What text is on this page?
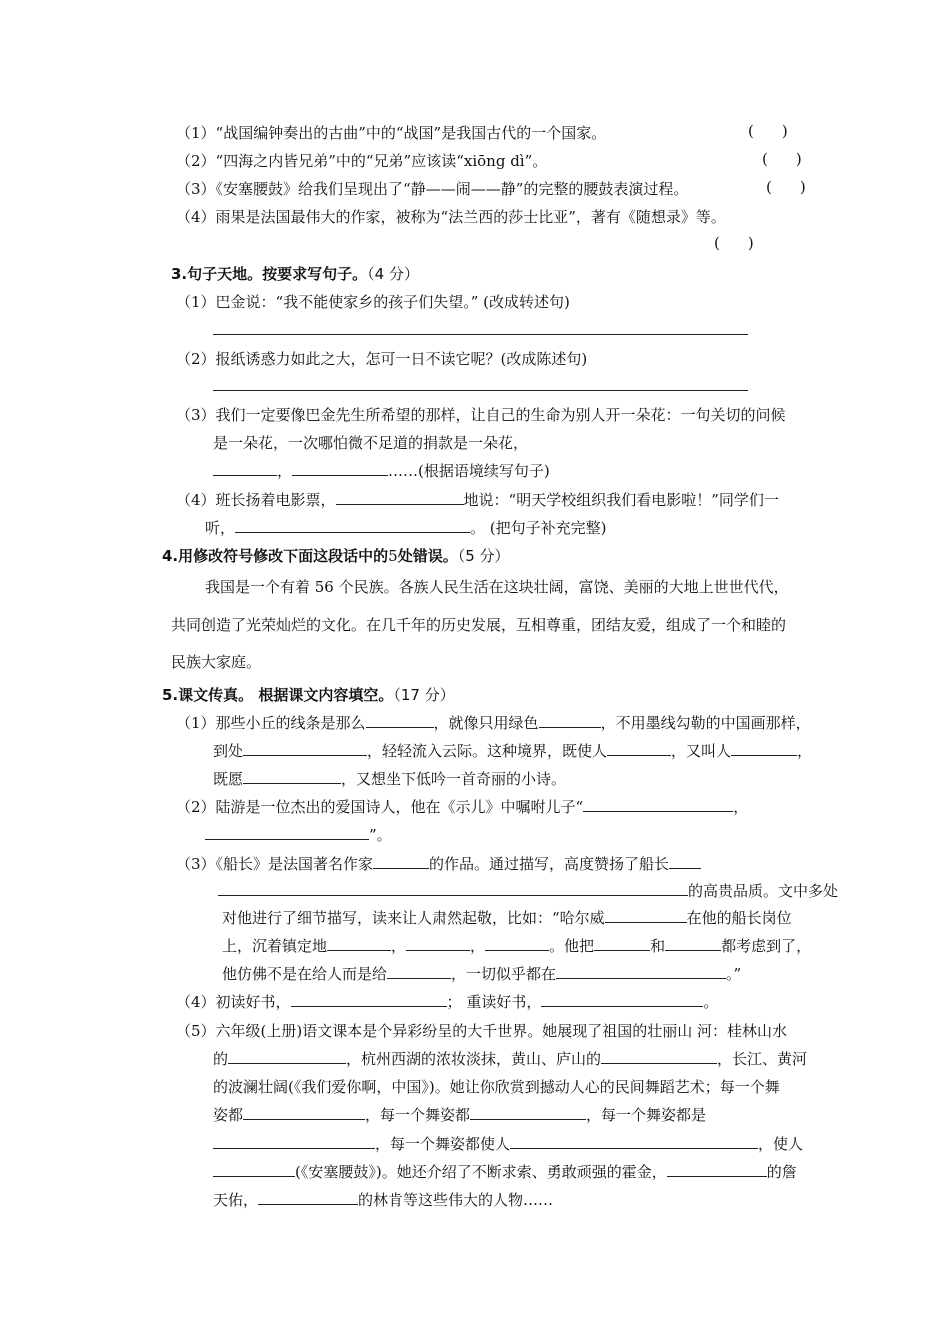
（1）“战国编钟奏出的古曲”中的“战国”是我国古代的一个国家。	( )
（2）“四海之内皆兄弟”中的“兄弟”应该读“xiōng dì”。	( )
（3）《安塞腰鼓》给我们呈现出了“静——闹——静”的完整的腰鼓表演过程。	( )
（4）雨果是法国最伟大的作家，被称为“法兰西的莎士比亚”，著有《随想录》等。
( )
3.句子天地。按要求写句子。（4 分）
（1）巴金说：“我不能使家乡的孩子们失望。” (改成转述句)
（2）报纸诱惑力如此之大，怎可一日不读它呢？(改成陈述句)
（3）我们一定要像巴金先生所希望的那样，让自己的生命为别人开一朵花：一句关切的问候
是一朵花，一次哪怕微不足道的捐款是一朵花，
，	……(根据语境续写句子)
（4）班长扬着电影票，	地说：“明天学校组织我们看电影啦！”同学们一
听，	。 (把句子补充完整)
4.用修改符号修改下面这段话中的5处错误。（5 分）
我国是一个有着 56 个民族。各族人民生活在这块壮阔，富饶、美丽的大地上世世代代，
共同创造了光荣灿烂的文化。在几千年的历史发展，互相尊重，团结友爱，组成了一个和睦的
民族大家庭。
5.课文传真。 根据课文内容填空。（17 分）
（1）那些小丘的线条是那么	，就像只用绿色	，不用墨线勾勒的中国画那样，
到处	，轻轻流入云际。这种境界，既使人	，又叫人	，
既愿	，又想坐下低吟一首奇丽的小诗。
（2）陆游是一位杰出的爱国诗人，他在《示儿》中嘱咐儿子“	，
”。
（3）《船长》是法国著名作家	的作品。通过描写，高度赞扬了船长
的高贵品质。文中多处
对他进行了细节描写，读来让人肃然起敬，比如：“哈尔威	在他的船长岗位
上，沉着镇定地	，	，	。他把	和	都考虑到了，
他仿佛不是在给人而是给	，一切似乎都在	。”
（4）初读好书，	； 重读好书，	。
（5）六年级(上册)语文课本是个异彩纷呈的大千世界。她展现了祖国的壮丽山 河：桂林山水
的	，杭州西湖的浓妆淡抹，黄山、庐山的	，长江、黄河
的波澜壮阔(《我们爱你啊，中国》)。她让你欣赏到撼动人心的民间舞蹈艺术；每一个舞
姿都	，每一个舞姿都	，每一个舞姿都是
，每一个舞姿都使人	，使人
(《安塞腰鼓》)。她还介绍了不断求索、勇敢顽强的霍金，	的詹
天佑，	的林肯等这些伟大的人物……
